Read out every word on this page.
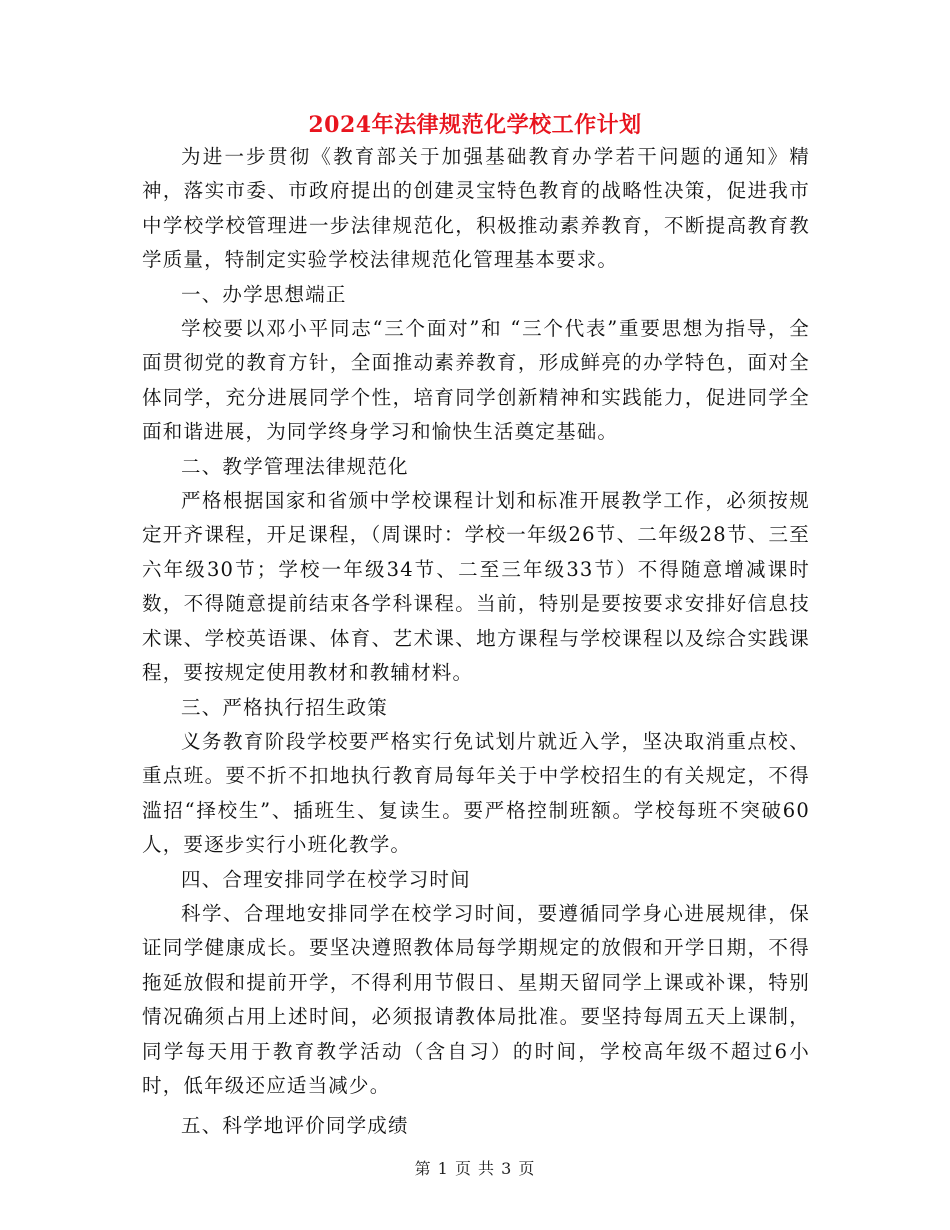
2024年法律规范化学校工作计划

为进一步贯彻《教育部关于加强基础教育办学若干问题的通知》精神，落实市委、市政府提出的创建灵宝特色教育的战略性决策，促进我市中学校学校管理进一步法律规范化，积极推动素养教育，不断提高教育教学质量，特制定实验学校法律规范化管理基本要求。

一、办学思想端正

学校要以邓小平同志“三个面对”和 “三个代表”重要思想为指导，全面贯彻党的教育方针，全面推动素养教育，形成鲜亮的办学特色，面对全体同学，充分进展同学个性，培育同学创新精神和实践能力，促进同学全面和谐进展，为同学终身学习和愉快生活奠定基础。

二、教学管理法律规范化

严格根据国家和省颁中学校课程计划和标准开展教学工作，必须按规定开齐课程，开足课程，（周课时：学校一年级26节、二年级28节、三至六年级30节；学校一年级34节、二至三年级33节）不得随意增减课时数，不得随意提前结束各学科课程。当前，特别是要按要求安排好信息技术课、学校英语课、体育、艺术课、地方课程与学校课程以及综合实践课程，要按规定使用教材和教辅材料。

三、严格执行招生政策

义务教育阶段学校要严格实行免试划片就近入学，坚决取消重点校、重点班。要不折不扣地执行教育局每年关于中学校招生的有关规定，不得滥招“择校生”、插班生、复读生。要严格控制班额。学校每班不突破60人，要逐步实行小班化教学。

四、合理安排同学在校学习时间

科学、合理地安排同学在校学习时间，要遵循同学身心进展规律，保证同学健康成长。要坚决遵照教体局每学期规定的放假和开学日期，不得拖延放假和提前开学，不得利用节假日、星期天留同学上课或补课，特别情况确须占用上述时间，必须报请教体局批准。要坚持每周五天上课制，同学每天用于教育教学活动（含自习）的时间，学校高年级不超过6小时，低年级还应适当减少。

五、科学地评价同学成绩

第 1 页 共 3 页
